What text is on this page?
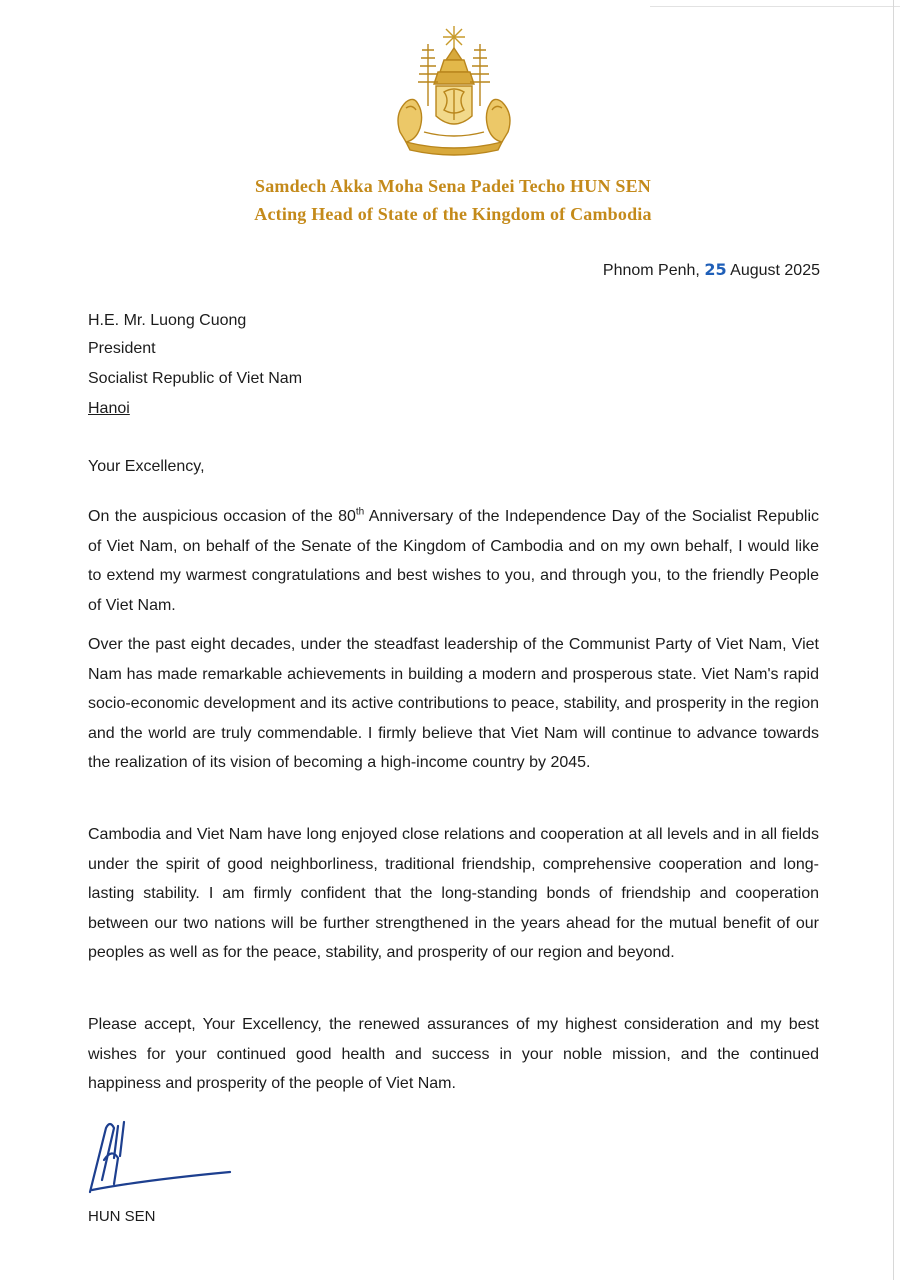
Samdech Akka Moha Sena Padei Techo HUN SEN
Acting Head of State of the Kingdom of Cambodia
Phnom Penh, 25 August 2025
H.E. Mr. Luong Cuong
President
Socialist Republic of Viet Nam
Hanoi
Your Excellency,

On the auspicious occasion of the 80th Anniversary of the Independence Day of the Socialist Republic of Viet Nam, on behalf of the Senate of the Kingdom of Cambodia and on my own behalf, I would like to extend my warmest congratulations and best wishes to you, and through you, to the friendly People of Viet Nam.

Over the past eight decades, under the steadfast leadership of the Communist Party of Viet Nam, Viet Nam has made remarkable achievements in building a modern and prosperous state. Viet Nam's rapid socio-economic development and its active contributions to peace, stability, and prosperity in the region and the world are truly commendable. I firmly believe that Viet Nam will continue to advance towards the realization of its vision of becoming a high-income country by 2045.

Cambodia and Viet Nam have long enjoyed close relations and cooperation at all levels and in all fields under the spirit of good neighborliness, traditional friendship, comprehensive cooperation and long-lasting stability. I am firmly confident that the long-standing bonds of friendship and cooperation between our two nations will be further strengthened in the years ahead for the mutual benefit of our peoples as well as for the peace, stability, and prosperity of our region and beyond.

Please accept, Your Excellency, the renewed assurances of my highest consideration and my best wishes for your continued good health and success in your noble mission, and the continued happiness and prosperity of the people of Viet Nam.

HUN SEN
